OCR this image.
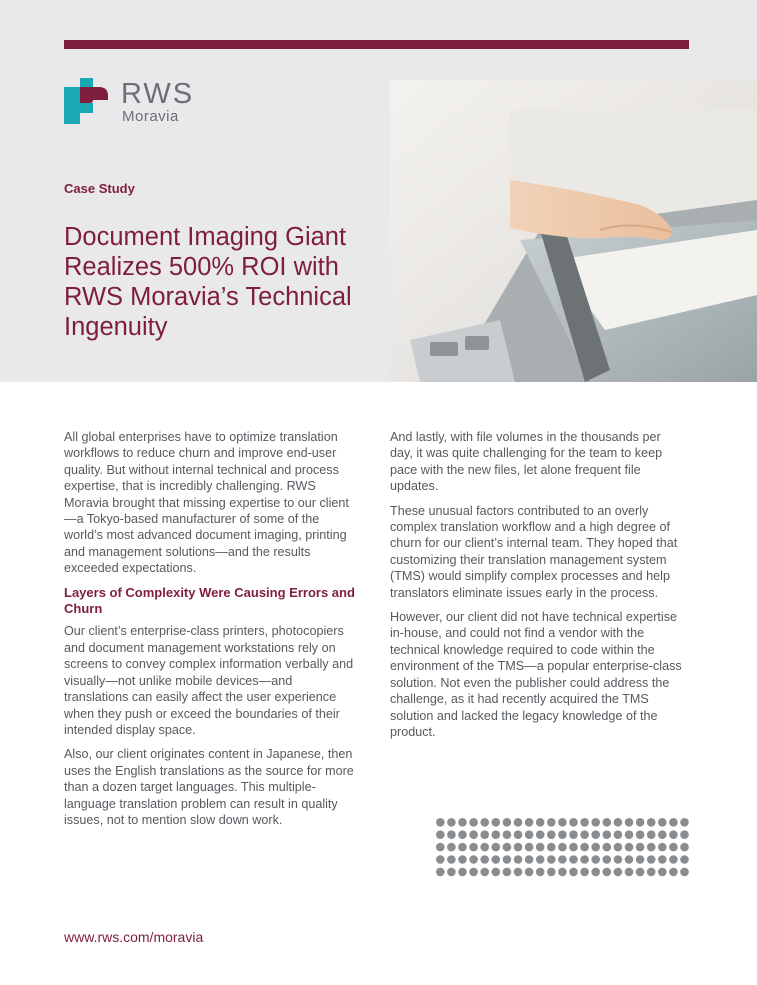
RWS
Moravia
Case Study
Document Imaging Giant Realizes 500% ROI with RWS Moravia’s Technical Ingenuity

All global enterprises have to optimize translation workflows to reduce churn and improve end-user quality. But without internal technical and process expertise, that is incredibly challenging. RWS Moravia brought that missing expertise to our client—a Tokyo-based manufacturer of some of the world’s most advanced document imaging, printing and management solutions—and the results exceeded expectations.

Layers of Complexity Were Causing Errors and Churn

Our client’s enterprise-class printers, photocopiers and document management workstations rely on screens to convey complex information verbally and visually—not unlike mobile devices—and translations can easily affect the user experience when they push or exceed the boundaries of their intended display space.

Also, our client originates content in Japanese, then uses the English translations as the source for more than a dozen target languages. This multiple-language translation problem can result in quality issues, not to mention slow down work.

And lastly, with file volumes in the thousands per day, it was quite challenging for the team to keep pace with the new files, let alone frequent file updates.

These unusual factors contributed to an overly complex translation workflow and a high degree of churn for our client’s internal team. They hoped that customizing their translation management system (TMS) would simplify complex processes and help translators eliminate issues early in the process.

However, our client did not have technical expertise in-house, and could not find a vendor with the technical knowledge required to code within the environment of the TMS—a popular enterprise-class solution. Not even the publisher could address the challenge, as it had recently acquired the TMS solution and lacked the legacy knowledge of the product.

www.rws.com/moravia
